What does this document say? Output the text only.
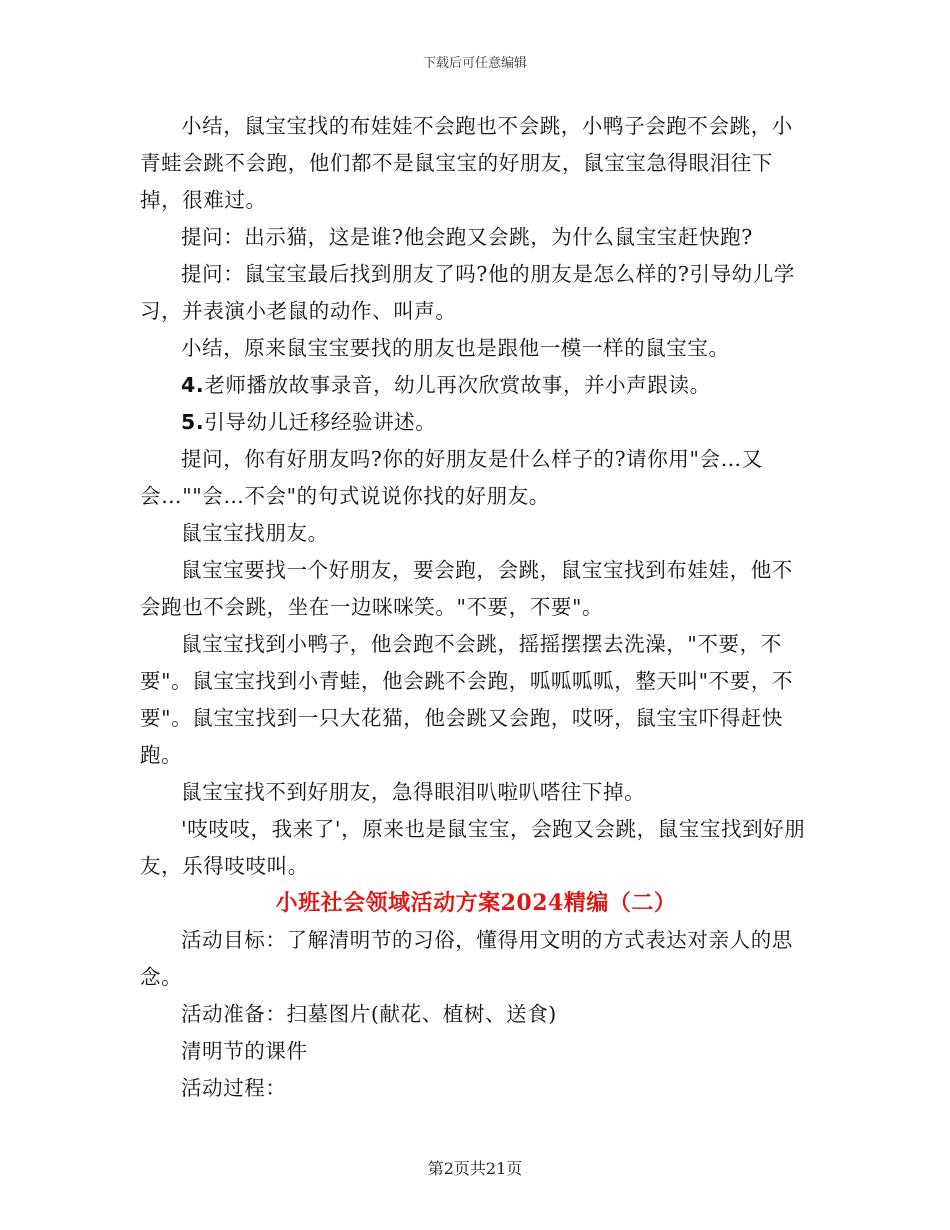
下载后可任意编辑

小结，鼠宝宝找的布娃娃不会跑也不会跳，小鸭子会跑不会跳，小青蛙会跳不会跑，他们都不是鼠宝宝的好朋友，鼠宝宝急得眼泪往下掉，很难过。

提问：出示猫，这是谁?他会跑又会跳，为什么鼠宝宝赶快跑?

提问：鼠宝宝最后找到朋友了吗?他的朋友是怎么样的?引导幼儿学习，并表演小老鼠的动作、叫声。

小结，原来鼠宝宝要找的朋友也是跟他一模一样的鼠宝宝。

4.老师播放故事录音，幼儿再次欣赏故事，并小声跟读。

5.引导幼儿迁移经验讲述。

提问，你有好朋友吗?你的好朋友是什么样子的?请你用"会…又会…""会…不会"的句式说说你找的好朋友。

鼠宝宝找朋友。

鼠宝宝要找一个好朋友，要会跑，会跳，鼠宝宝找到布娃娃，他不会跑也不会跳，坐在一边咪咪笑。"不要，不要"。

鼠宝宝找到小鸭子，他会跑不会跳，摇摇摆摆去洗澡，"不要，不要"。鼠宝宝找到小青蛙，他会跳不会跑，呱呱呱呱，整天叫"不要，不要"。鼠宝宝找到一只大花猫，他会跳又会跑，哎呀，鼠宝宝吓得赶快跑。

鼠宝宝找不到好朋友，急得眼泪叭啦叭嗒往下掉。

'吱吱吱，我来了'，原来也是鼠宝宝，会跑又会跳，鼠宝宝找到好朋友，乐得吱吱叫。

小班社会领域活动方案2024精编（二）

活动目标：了解清明节的习俗，懂得用文明的方式表达对亲人的思念。

活动准备：扫墓图片(献花、植树、送食)

清明节的课件

活动过程：

第2页共21页
